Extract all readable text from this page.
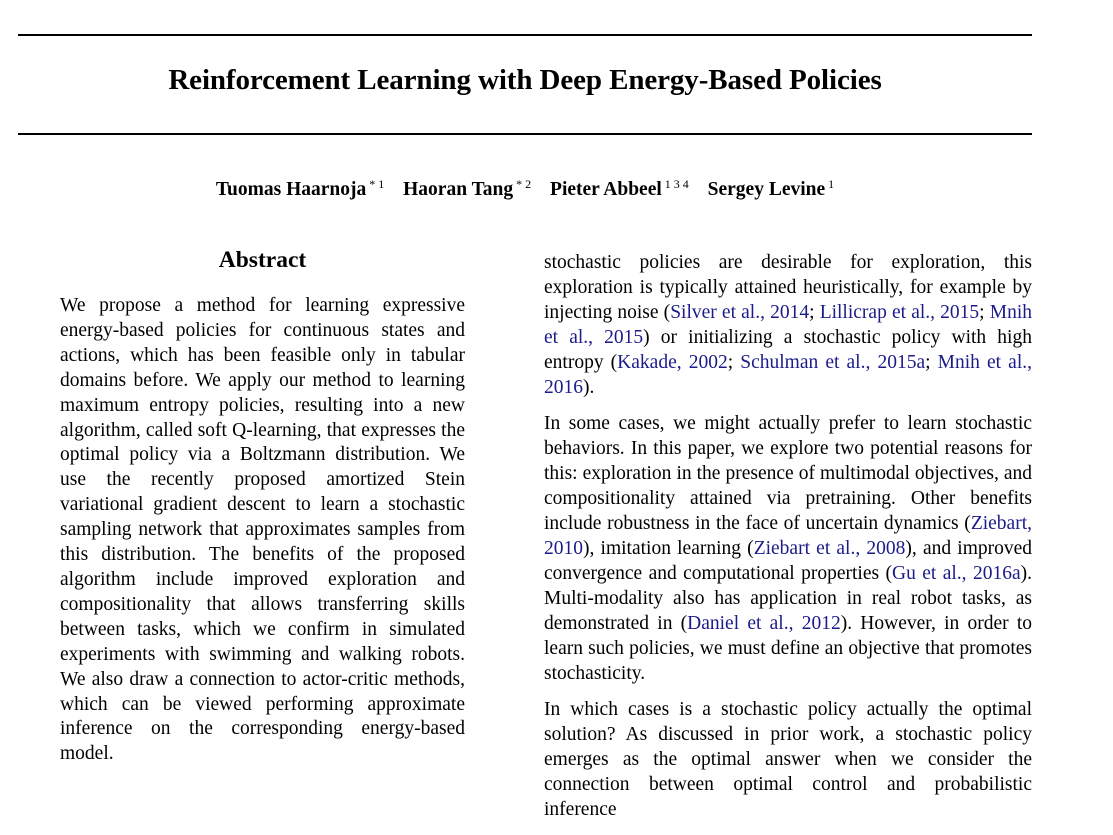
Reinforcement Learning with Deep Energy-Based Policies
Tuomas Haarnoja $^{* 1}$ Haoran Tang $^{* 2}$ Pieter Abbeel $^{1 3 4}$ Sergey Levine $^1$
Abstract
We propose a method for learning expressive energy-based policies for continuous states and actions, which has been feasible only in tabular domains before. We apply our method to learning maximum entropy policies, resulting into a new algorithm, called soft Q-learning, that expresses the optimal policy via a Boltzmann distribution. We use the recently proposed amortized Stein variational gradient descent to learn a stochastic sampling network that approximates samples from this distribution. The benefits of the proposed algorithm include improved exploration and compositionality that allows transferring skills between tasks, which we confirm in simulated experiments with swimming and walking robots. We also draw a connection to actor-critic methods, which can be viewed performing approximate inference on the corresponding energy-based model.

stochastic policies are desirable for exploration, this exploration is typically attained heuristically, for example by injecting noise (Silver et al., 2014; Lillicrap et al., 2015; Mnih et al., 2015) or initializing a stochastic policy with high entropy (Kakade, 2002; Schulman et al., 2015a; Mnih et al., 2016).

In some cases, we might actually prefer to learn stochastic behaviors. In this paper, we explore two potential reasons for this: exploration in the presence of multimodal objectives, and compositionality attained via pretraining. Other benefits include robustness in the face of uncertain dynamics (Ziebart, 2010), imitation learning (Ziebart et al., 2008), and improved convergence and computational properties (Gu et al., 2016a). Multi-modality also has application in real robot tasks, as demonstrated in (Daniel et al., 2012). However, in order to learn such policies, we must define an objective that promotes stochasticity.

In which cases is a stochastic policy actually the optimal solution? As discussed in prior work, a stochastic policy emerges as the optimal answer when we consider the connection between optimal control and probabilistic inference
